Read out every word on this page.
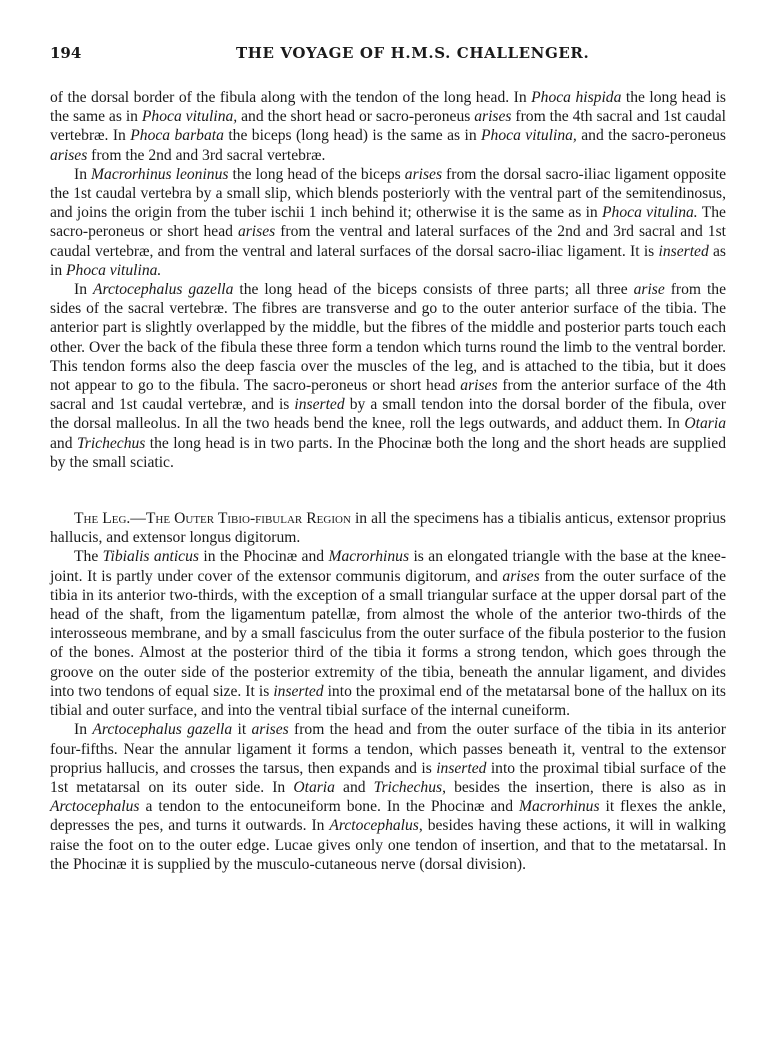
194	THE VOYAGE OF H.M.S. CHALLENGER.

of the dorsal border of the fibula along with the tendon of the long head. In Phoca hispida the long head is the same as in Phoca vitulina, and the short head or sacro-peroneus arises from the 4th sacral and 1st caudal vertebræ. In Phoca barbata the biceps (long head) is the same as in Phoca vitulina, and the sacro-peroneus arises from the 2nd and 3rd sacral vertebræ.

In Macrorhinus leoninus the long head of the biceps arises from the dorsal sacro-iliac ligament opposite the 1st caudal vertebra by a small slip, which blends posteriorly with the ventral part of the semitendinosus, and joins the origin from the tuber ischii 1 inch behind it; otherwise it is the same as in Phoca vitulina. The sacro-peroneus or short head arises from the ventral and lateral surfaces of the 2nd and 3rd sacral and 1st caudal vertebræ, and from the ventral and lateral surfaces of the dorsal sacro-iliac ligament. It is inserted as in Phoca vitulina.

In Arctocephalus gazella the long head of the biceps consists of three parts; all three arise from the sides of the sacral vertebræ. The fibres are transverse and go to the outer anterior surface of the tibia. The anterior part is slightly overlapped by the middle, but the fibres of the middle and posterior parts touch each other. Over the back of the fibula these three form a tendon which turns round the limb to the ventral border. This tendon forms also the deep fascia over the muscles of the leg, and is attached to the tibia, but it does not appear to go to the fibula. The sacro-peroneus or short head arises from the anterior surface of the 4th sacral and 1st caudal vertebræ, and is inserted by a small tendon into the dorsal border of the fibula, over the dorsal malleolus. In all the two heads bend the knee, roll the legs outwards, and adduct them. In Otaria and Trichechus the long head is in two parts. In the Phocinæ both the long and the short heads are supplied by the small sciatic.

The Leg.—The Outer Tibio-fibular Region in all the specimens has a tibialis anticus, extensor proprius hallucis, and extensor longus digitorum.

The Tibialis anticus in the Phocinæ and Macrorhinus is an elongated triangle with the base at the knee-joint. It is partly under cover of the extensor communis digitorum, and arises from the outer surface of the tibia in its anterior two-thirds, with the exception of a small triangular surface at the upper dorsal part of the head of the shaft, from the ligamentum patellæ, from almost the whole of the anterior two-thirds of the interosseous membrane, and by a small fasciculus from the outer surface of the fibula posterior to the fusion of the bones. Almost at the posterior third of the tibia it forms a strong tendon, which goes through the groove on the outer side of the posterior extremity of the tibia, beneath the annular ligament, and divides into two tendons of equal size. It is inserted into the proximal end of the metatarsal bone of the hallux on its tibial and outer surface, and into the ventral tibial surface of the internal cuneiform.

In Arctocephalus gazella it arises from the head and from the outer surface of the tibia in its anterior four-fifths. Near the annular ligament it forms a tendon, which passes beneath it, ventral to the extensor proprius hallucis, and crosses the tarsus, then expands and is inserted into the proximal tibial surface of the 1st metatarsal on its outer side. In Otaria and Trichechus, besides the insertion, there is also as in Arctocephalus a tendon to the entocuneiform bone. In the Phocinæ and Macrorhinus it flexes the ankle, depresses the pes, and turns it outwards. In Arctocephalus, besides having these actions, it will in walking raise the foot on to the outer edge. Lucae gives only one tendon of insertion, and that to the metatarsal. In the Phocinæ it is supplied by the musculo-cutaneous nerve (dorsal division).
